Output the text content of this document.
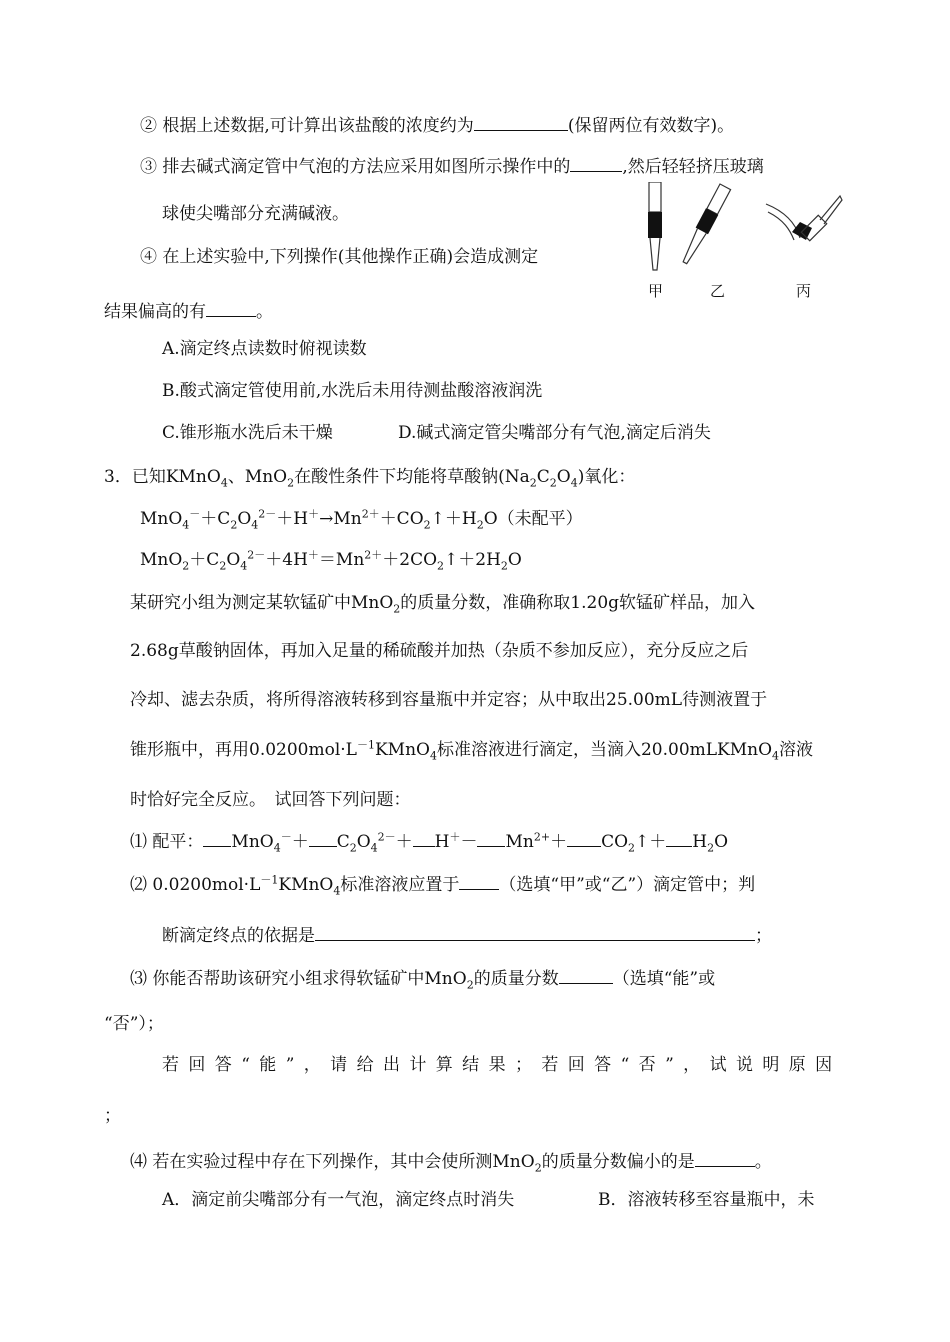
② 根据上述数据,可计算出该盐酸的浓度约为	(保留两位有效数字)。
③ 排去碱式滴定管中气泡的方法应采用如图所示操作中的	,然后轻轻挤压玻璃
球使尖嘴部分充满碱液。
④ 在上述实验中,下列操作(其他操作正确)会造成测定
结果偏高的有	。
甲	乙	丙
A.滴定终点读数时俯视读数
B.酸式滴定管使用前,水洗后未用待测盐酸溶液润洗
C.锥形瓶水洗后未干燥	D.碱式滴定管尖嘴部分有气泡,滴定后消失
3．已知KMnO$_4$、MnO$_2$在酸性条件下均能将草酸钠$(Na_2C_2O_4)$氧化：
$MnO_4^-+C_2O_4^{2-}+H^+\to Mn^{2+}+CO_2↑+H_2O$（未配平）
$MnO_2+C_2O_4^{2-}+4H^+=Mn^{2+}+2CO_2↑+2H_2O$
某研究小组为测定某软锰矿中MnO$_2$的质量分数，准确称取1.20g软锰矿样品，加入
2.68g草酸钠固体，再加入足量的稀硫酸并加热（杂质不参加反应），充分反应之后
冷却、滤去杂质，将所得溶液转移到容量瓶中并定容；从中取出25.00mL待测液置于
锥形瓶中，再用$0.0200mol\cdot L^{-1}KMnO_4$标准溶液进行滴定，当滴入20.00mLKMnO$_4$溶液
时恰好完全反应。　试回答下列问题：
⑴ 配平： $MnO_4^-+ C_2O_4^{2-}+ H^+- Mn^{2+}+$ $CO_2↑+ H_2O$
⑵ $0.0200mol\cdot L^{-1}KMnO_4$标准溶液应置于 （选填“甲”或“乙”）滴定管中；判
断滴定终点的依据是	；
⑶ 你能否帮助该研究小组求得软锰矿中MnO$_2$的质量分数	（选填“能”或
“否”）；
若回答“能”，请给出计算结果；若回答“否”，试说明原因
；
⑷ 若在实验过程中存在下列操作，其中会使所测MnO$_2$的质量分数偏小的是	。
A．滴定前尖嘴部分有一气泡，滴定终点时消失	B．溶液转移至容量瓶中，未
